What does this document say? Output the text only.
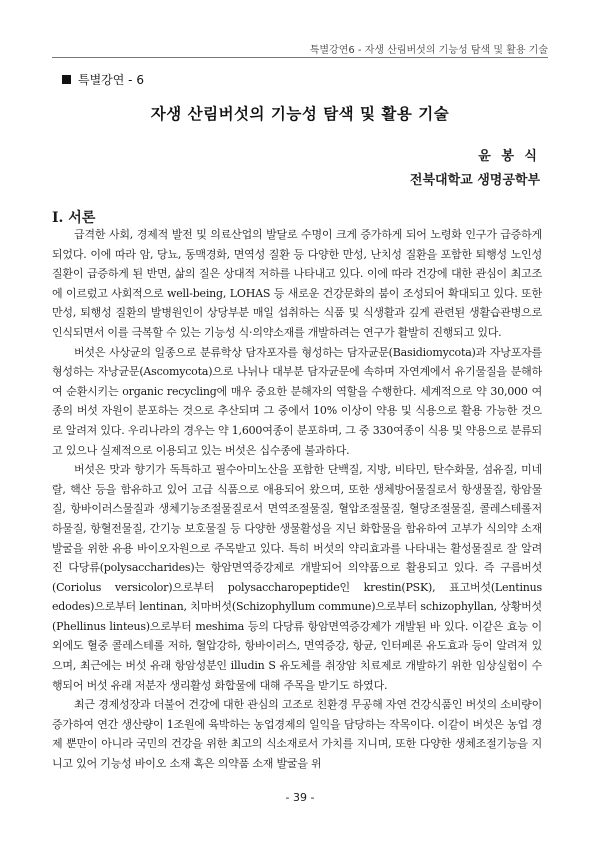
특별강연6 - 자생 산림버섯의 기능성 탐색 및 활용 기술
특별강연 - 6
자생 산림버섯의 기능성 탐색 및 활용 기술
윤 봉 식
전북대학교 생명공학부
Ⅰ. 서론

급격한 사회, 경제적 발전 및 의료산업의 발달로 수명이 크게 증가하게 되어 노령화 인구가 급증하게 되었다. 이에 따라 암, 당뇨, 동맥경화, 면역성 질환 등 다양한 만성, 난치성 질환을 포함한 퇴행성 노인성 질환이 급증하게 된 반면, 삶의 질은 상대적 저하를 나타내고 있다. 이에 따라 건강에 대한 관심이 최고조에 이르렀고 사회적으로 well-being, LOHAS 등 새로운 건강문화의 붐이 조성되어 확대되고 있다. 또한 만성, 퇴행성 질환의 발병원인이 상당부분 매일 섭취하는 식품 및 식생활과 깊게 관련된 생활습관병으로 인식되면서 이를 극복할 수 있는 기능성 식·의약소재를 개발하려는 연구가 활발히 진행되고 있다.

버섯은 사상균의 일종으로 분류학상 담자포자를 형성하는 담자균문(Basidiomycota)과 자낭포자를 형성하는 자낭균문(Ascomycota)으로 나뉘나 대부분 담자균문에 속하며 자연계에서 유기물질을 분해하여 순환시키는 organic recycling에 매우 중요한 분해자의 역할을 수행한다. 세계적으로 약 30,000 여종의 버섯 자원이 분포하는 것으로 추산되며 그 중에서 10% 이상이 약용 및 식용으로 활용 가능한 것으로 알려져 있다. 우리나라의 경우는 약 1,600여종이 분포하며, 그 중 330여종이 식용 및 약용으로 분류되고 있으나 실제적으로 이용되고 있는 버섯은 십수종에 불과하다.

버섯은 맛과 향기가 독특하고 필수아미노산을 포함한 단백질, 지방, 비타민, 탄수화물, 섬유질, 미네랄, 핵산 등을 함유하고 있어 고급 식품으로 애용되어 왔으며, 또한 생체방어물질로서 항생물질, 항암물질, 항바이러스물질과 생체기능조절물질로서 면역조절물질, 혈압조절물질, 혈당조절물질, 콜레스테롤저하물질, 항혈전물질, 간기능 보호물질 등 다양한 생물활성을 지닌 화합물을 함유하여 고부가 식의약 소재 발굴을 위한 유용 바이오자원으로 주목받고 있다. 특히 버섯의 약리효과를 나타내는 활성물질로 잘 알려진 다당류(polysaccharides)는 항암면역증강제로 개발되어 의약품으로 활용되고 있다. 즉 구름버섯(Coriolus versicolor)으로부터 polysaccharopeptide인 krestin(PSK), 표고버섯(Lentinus edodes)으로부터 lentinan, 치마버섯(Schizophyllum commune)으로부터 schizophyllan, 상황버섯(Phellinus linteus)으로부터 meshima 등의 다당류 항암면역증강제가 개발된 바 있다. 이같은 효능 이 외에도 혈중 콜레스테롤 저하, 혈압강하, 항바이러스, 면역증강, 항균, 인터페론 유도효과 등이 알려져 있으며, 최근에는 버섯 유래 항암성분인 illudin S 유도체를 취장암 치료제로 개발하기 위한 임상실험이 수행되어 버섯 유래 저분자 생리활성 화합물에 대해 주목을 받기도 하였다.

최근 경제성장과 더불어 건강에 대한 관심의 고조로 친환경 무공해 자연 건강식품인 버섯의 소비량이 증가하여 연간 생산량이 1조원에 육박하는 농업경제의 일익을 담당하는 작목이다. 이같이 버섯은 농업 경제 뿐만이 아니라 국민의 건강을 위한 최고의 식소재로서 가치를 지니며, 또한 다양한 생체조절기능을 지니고 있어 기능성 바이오 소재 혹은 의약품 소재 발굴을 위

- 39 -
